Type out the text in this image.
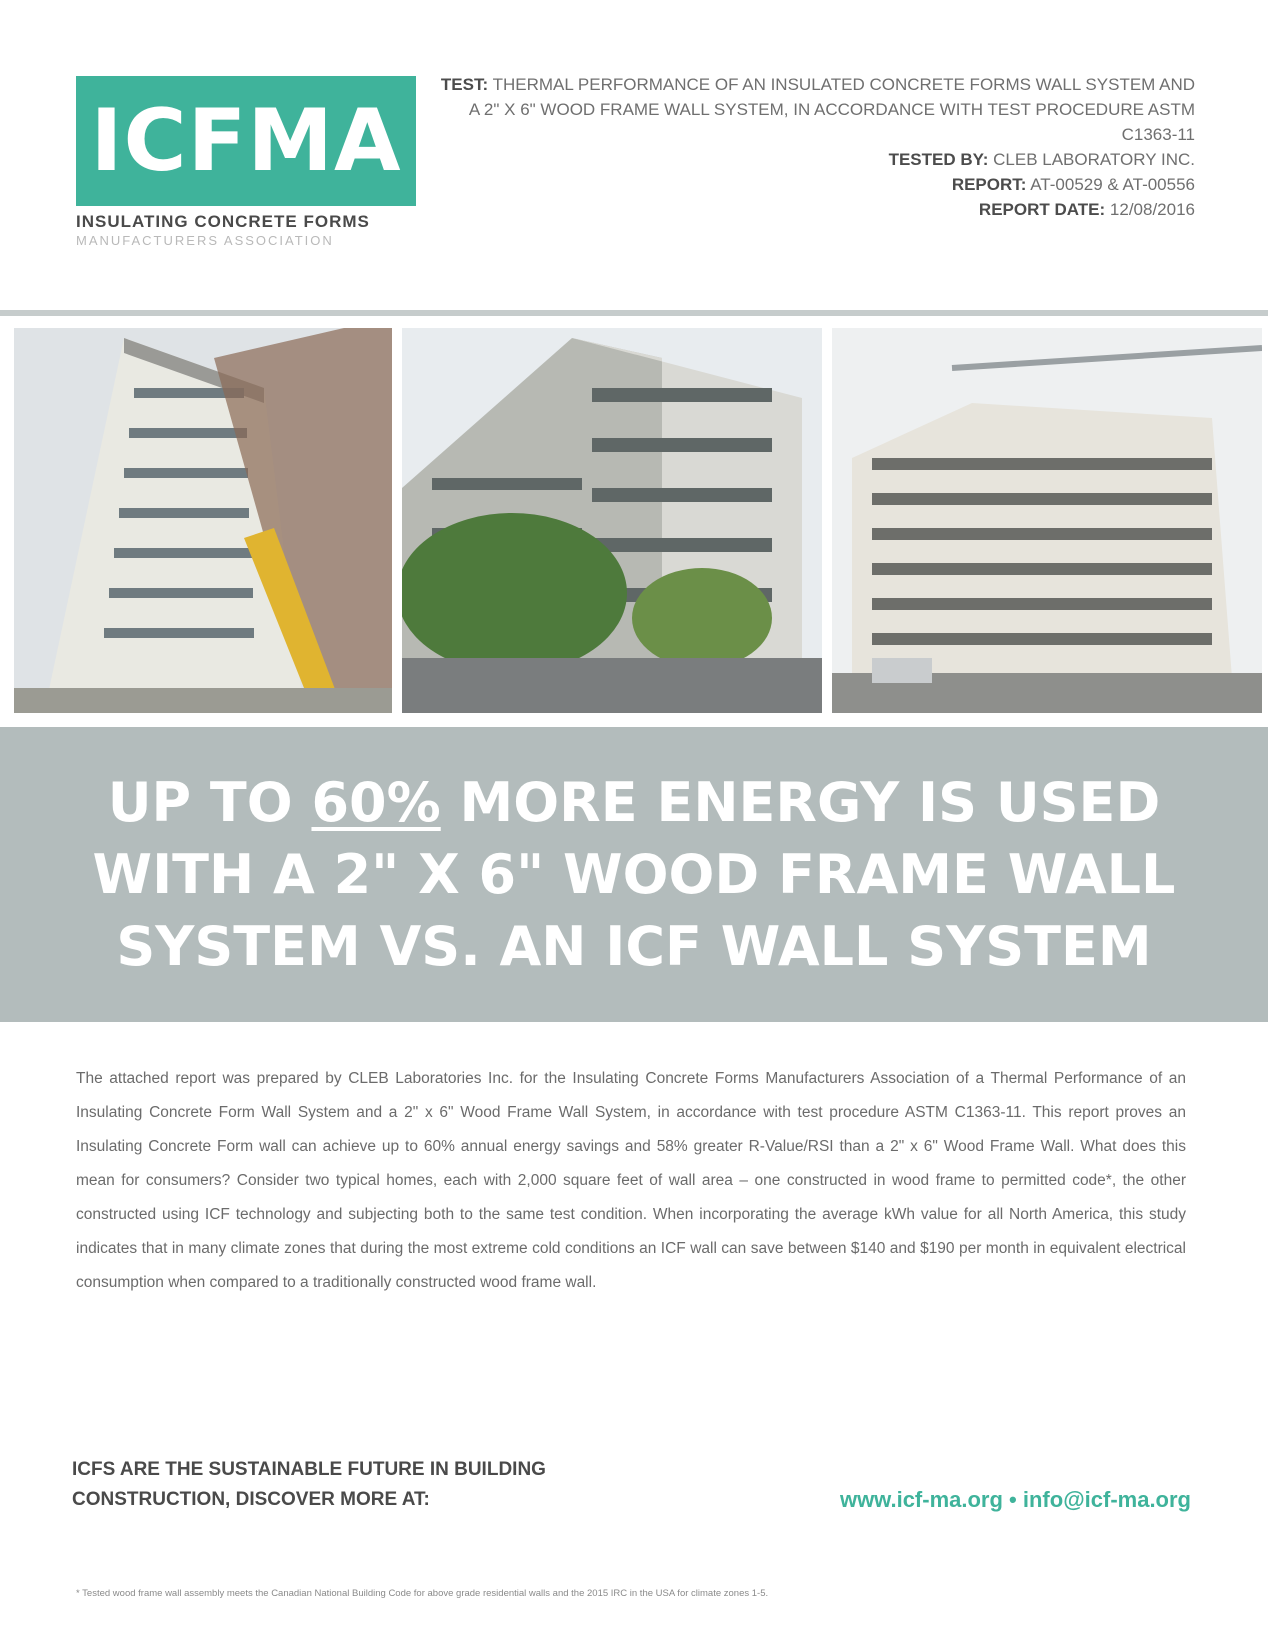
ICFMA
INSULATING CONCRETE FORMS
MANUFACTURERS ASSOCIATION
TEST: THERMAL PERFORMANCE OF AN INSULATED CONCRETE FORMS WALL SYSTEM AND A 2" X 6" WOOD FRAME WALL SYSTEM, IN ACCORDANCE WITH TEST PROCEDURE ASTM C1363-11
TESTED BY: CLEB LABORATORY INC.
REPORT: AT-00529 & AT-00556
REPORT DATE: 12/08/2016
UP TO 60% MORE ENERGY IS USED
WITH A 2" X 6" WOOD FRAME WALL
SYSTEM VS. AN ICF WALL SYSTEM
The attached report was prepared by CLEB Laboratories Inc. for the Insulating Concrete Forms Manufacturers Association of a Thermal Performance of an Insulating Concrete Form Wall System and a 2" x 6" Wood Frame Wall System, in accordance with test procedure ASTM C1363-11. This report proves an Insulating Concrete Form wall can achieve up to 60% annual energy savings and 58% greater R-Value/RSI than a 2" x 6" Wood Frame Wall. What does this mean for consumers? Consider two typical homes, each with 2,000 square feet of wall area – one constructed in wood frame to permitted code*, the other constructed using ICF technology and subjecting both to the same test condition. When incorporating the average kWh value for all North America, this study indicates that in many climate zones that during the most extreme cold conditions an ICF wall can save between $140 and $190 per month in equivalent electrical consumption when compared to a traditionally constructed wood frame wall.
ICFS ARE THE SUSTAINABLE FUTURE IN BUILDING
CONSTRUCTION, DISCOVER MORE AT:	www.icf-ma.org • info@icf-ma.org
* Tested wood frame wall assembly meets the Canadian National Building Code for above grade residential walls and the 2015 IRC in the USA for climate zones 1-5.
